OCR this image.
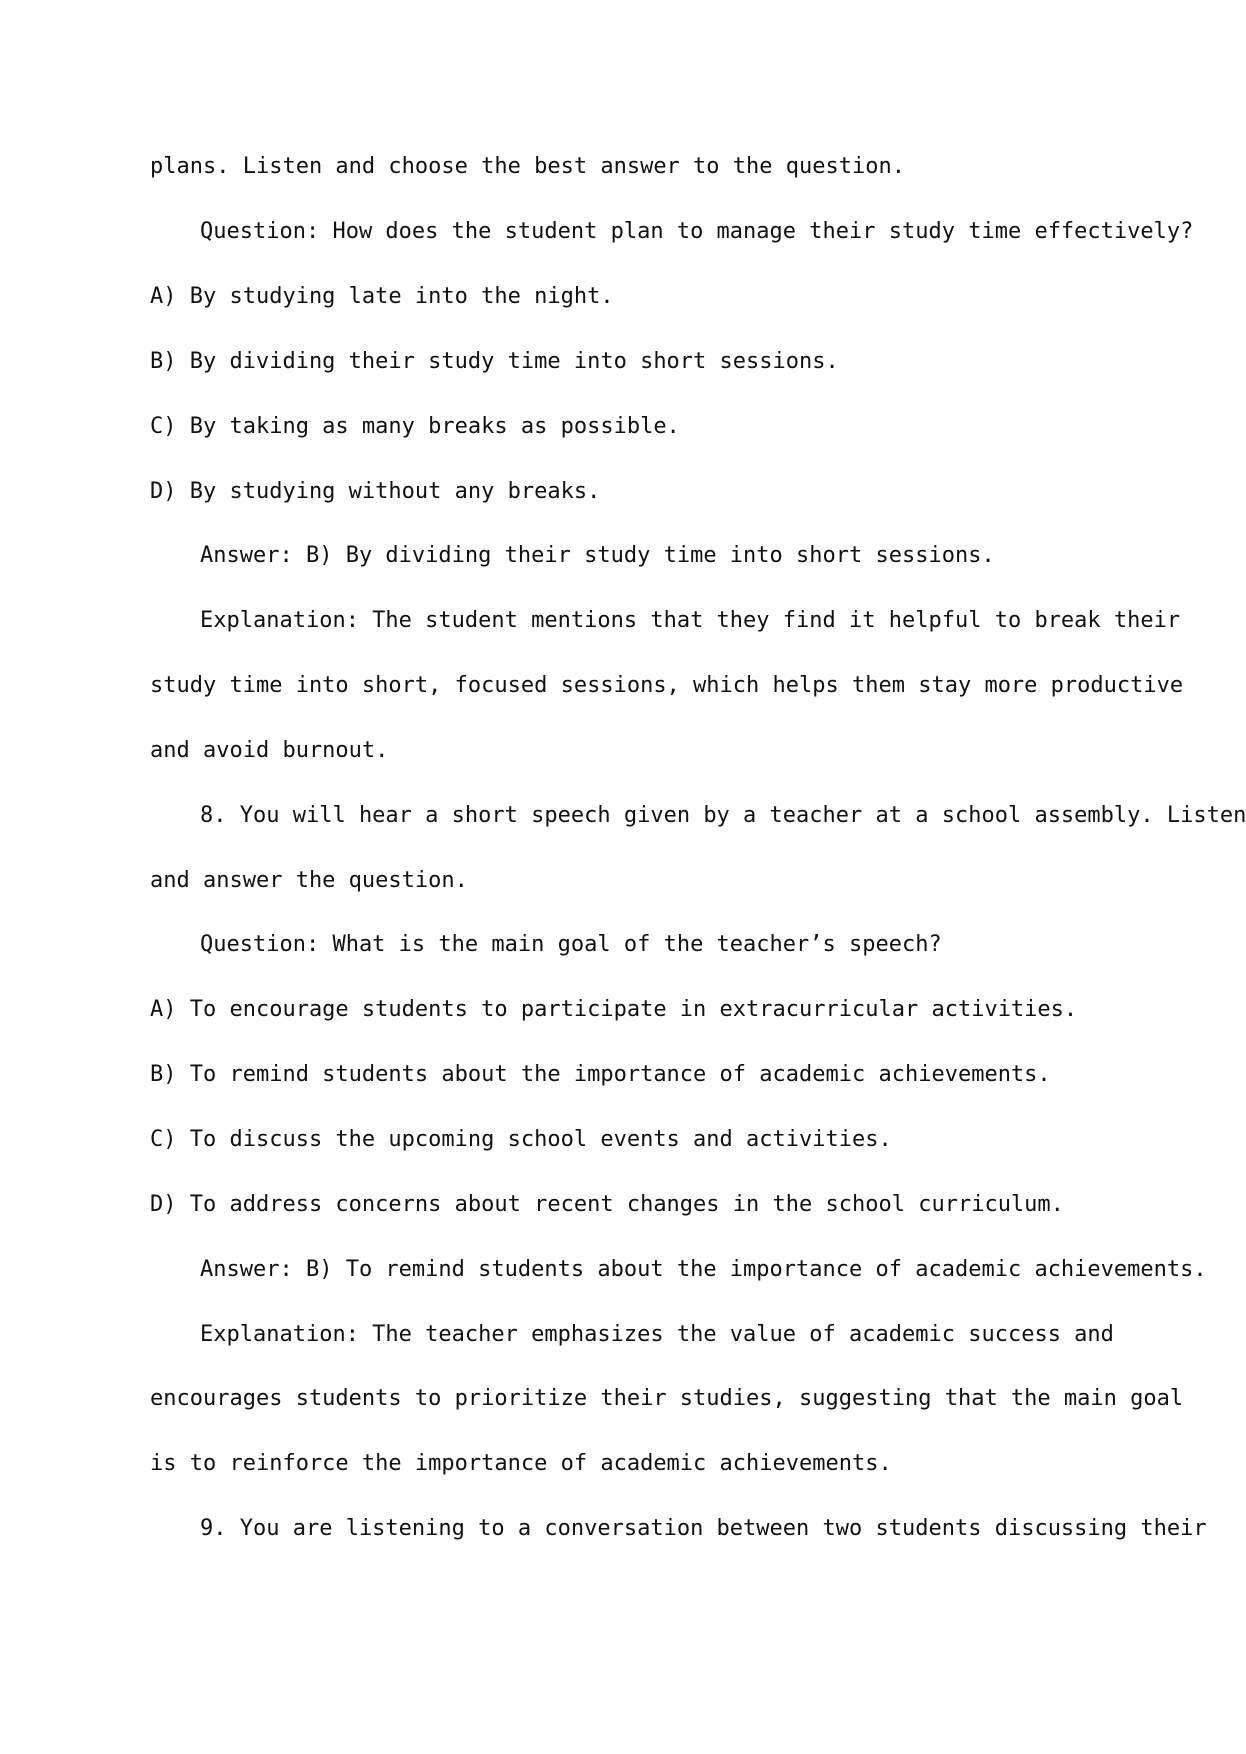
plans. Listen and choose the best answer to the question.
Question: How does the student plan to manage their study time effectively?
A) By studying late into the night.
B) By dividing their study time into short sessions.
C) By taking as many breaks as possible.
D) By studying without any breaks.
Answer: B) By dividing their study time into short sessions.
Explanation: The student mentions that they find it helpful to break their
study time into short, focused sessions, which helps them stay more productive
and avoid burnout.
8. You will hear a short speech given by a teacher at a school assembly. Listen
and answer the question.
Question: What is the main goal of the teacher’s speech?
A) To encourage students to participate in extracurricular activities.
B) To remind students about the importance of academic achievements.
C) To discuss the upcoming school events and activities.
D) To address concerns about recent changes in the school curriculum.
Answer: B) To remind students about the importance of academic achievements.
Explanation: The teacher emphasizes the value of academic success and
encourages students to prioritize their studies, suggesting that the main goal
is to reinforce the importance of academic achievements.
9. You are listening to a conversation between two students discussing their
